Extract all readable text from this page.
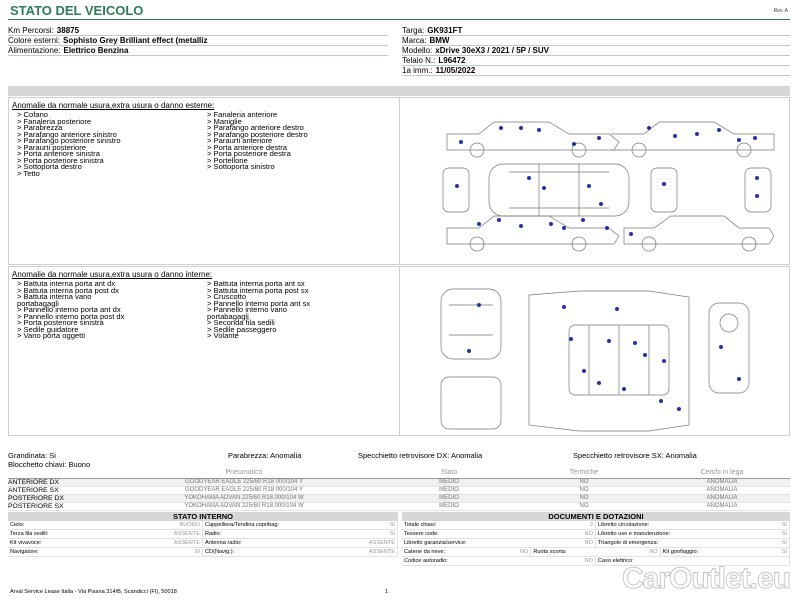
STATO DEL VEICOLO	Rev. A
Km Percorsi: 38875
Colore esterni: Sophisto Grey Brilliant effect (metalliz
Alimentazione: Elettrico Benzina
Targa: GK931FT
Marca: BMW
Modello: xDrive 30eX3 / 2021 / 5P / SUV
Telaio N.: L96472
1a imm.: 11/05/2022
Anomalie da normale usura,extra usura o danno esterne:
> Cofano
> Fanaleria posteriore
> Parabrezza
> Parafango anteriore sinistro
> Parafango posteriore sinistro
> Paraurti posteriore
> Porta anteriore sinistra
> Porta posteriore sinistra
> Sottoporta destro
> Tetto
> Fanaleria anteriore
> Maniglie
> Parafango anteriore destro
> Parafango posteriore destro
> Paraurti anteriore
> Porta anteriore destra
> Porta posteriore destra
> Portellone
> Sottoporta sinistro
Anomalie da normale usura,extra usura o danno interne:
> Battuta interna porta ant dx
> Battuta interna porta post dx
> Battuta interna vano
portabagagli
> Pannello interno porta ant dx
> Pannello interno porta post dx
> Porta posteriore sinistra
> Sedile guidatore
> Vano porta oggetti
> Battuta interna porta ant sx
> Battuta interna porta post sx
> Cruscotto
> Pannello interno porta ant sx
> Pannello interno vano
portabagagli
> Seconda fila sedili
> Sedile passeggero
> Volante
Grandinata: Si	Parabrezza: Anomalia	Specchietto retrovisore DX: Anomalia	Specchietto retrovisore SX: Anomalia
Blocchetto chiavi: Buono
	Pneumatico	Stato	Termiche	Cerchi in lega
ANTERIORE DX	GOODYEAR EAGLE 225/60 R18 000/104 Y	MEDIO	NO	ANOMALIA
ANTERIORE SX	GOODYEAR EAGLE 225/60 R18 000/104 Y	MEDIO	NO	ANOMALIA
POSTERIORE DX	YOKOHAMA ADVAN 225/60 R18 000/104 W	MEDIO	NO	ANOMALIA
POSTERIORE SX	YOKOHAMA ADVAN 225/60 R18 000/104 W	MEDIO	NO	ANOMALIA
STATO INTERNO
Cielo:	BUONO Cappelliera/Tendina copribag:	SI
Terza fila sedili:	ASSENTE Radio:	SI
Kit vivavoce:	ASSENTE Antenna radio:	ASSENTE
Navigatore:	SI CD(Navig.):	ASSENTE
DOCUMENTI E DOTAZIONI
Totale chiavi:	2 Libretto circolazione:	SI
Tessere code:	NO Libretto uso e manutenzione:	SI
Libretto garanzia/service:	NO Triangolo di emergenza:	SI
Catene da neve:	NO Ruota scorta:	NO Kit gonfiaggio:	SI
Codice autoradio:	NO Cavo elettrico:
Arval Service Lease Italia - Via Pisana 314/B, Scandicci (FI), 50018	1	CarOutlet.eu
